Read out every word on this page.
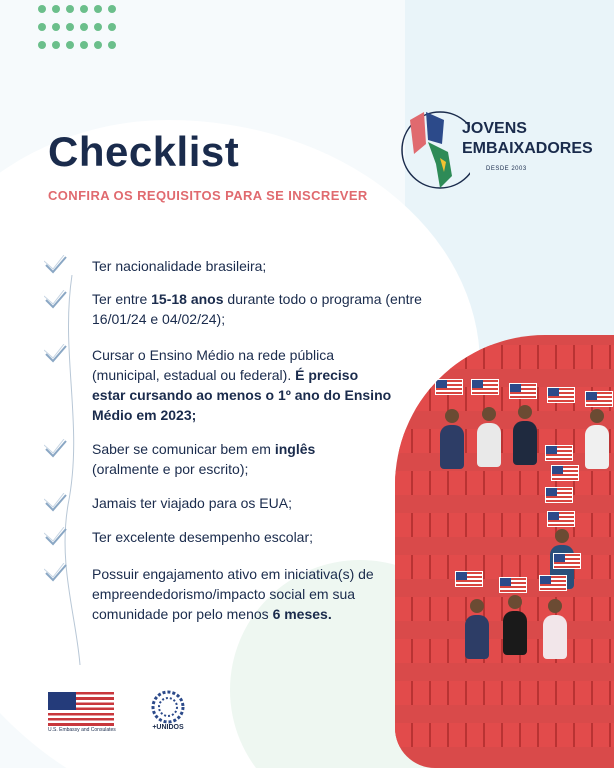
Checklist
CONFIRA OS REQUISITOS PARA SE INSCREVER
JOVENS
EMBAIXADORES
DESDE 2003
Ter nacionalidade brasileira;
Ter entre 15-18 anos durante todo o programa (entre 16/01/24 e 04/02/24);
Cursar o Ensino Médio na rede pública (municipal, estadual ou federal). É preciso estar cursando ao menos o 1º ano do Ensino Médio em 2023;
Saber se comunicar bem em inglês (oralmente e por escrito);
Jamais ter viajado para os EUA;
Ter excelente desempenho escolar;
Possuir engajamento ativo em iniciativa(s) de empreendedorismo/impacto social em sua comunidade por pelo menos 6 meses.
U.S. Embassy and Consulates	+UNIDOS
